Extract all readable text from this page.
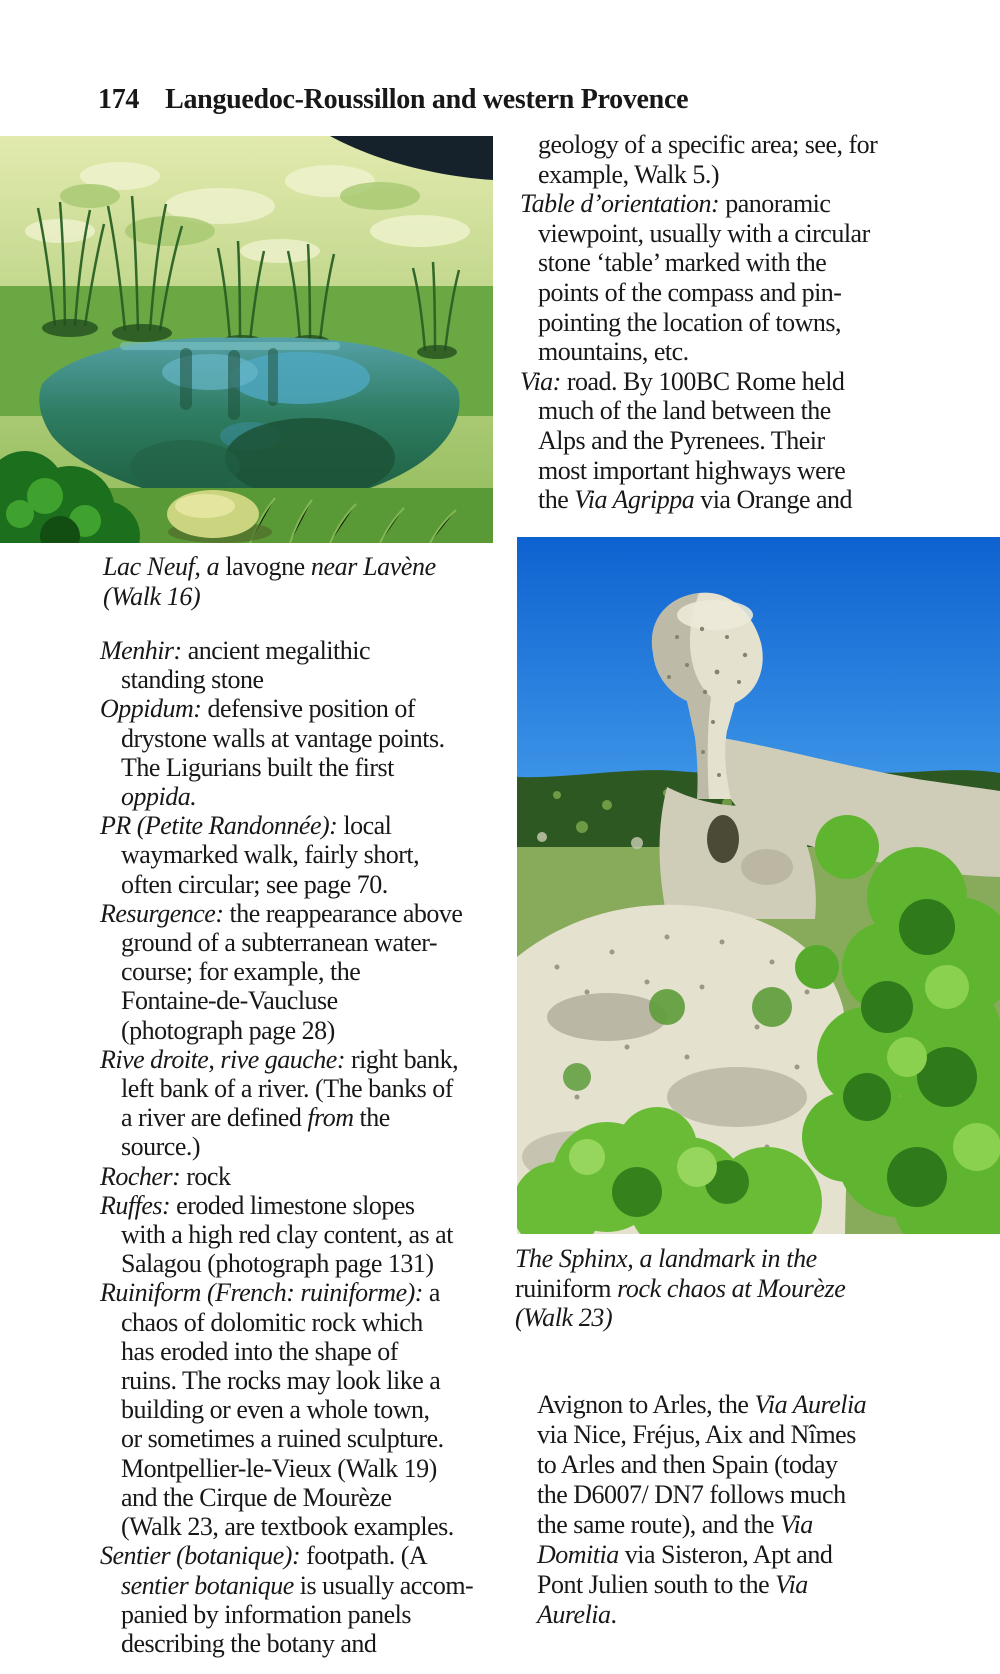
174 Languedoc-Roussillon and western Provence
Lac Neuf, a lavogne near Lavène
(Walk 16)
Menhir: ancient megalithic
standing stone
Oppidum: defensive position of
drystone walls at vantage points.
The Ligurians built the first
oppida.
PR (Petite Randonnée): local
waymarked walk, fairly short,
often circular; see page 70.
Resurgence: the reappearance above
ground of a subterranean water-
course; for example, the
Fontaine-de-Vaucluse
(photograph page 28)
Rive droite, rive gauche: right bank,
left bank of a river. (The banks of
a river are defined from the
source.)
Rocher: rock
Ruffes: eroded limestone slopes
with a high red clay content, as at
Salagou (photograph page 131)
Ruiniform (French: ruiniforme): a
chaos of dolomitic rock which
has eroded into the shape of
ruins. The rocks may look like a
building or even a whole town,
or sometimes a ruined sculpture.
Montpellier-le-Vieux (Walk 19)
and the Cirque de Mourèze
(Walk 23, are textbook examples.
Sentier (botanique): footpath. (A
sentier botanique is usually accom-
panied by information panels
describing the botany and
geology of a specific area; see, for
example, Walk 5.)
Table d’orientation: panoramic
viewpoint, usually with a circular
stone ‘table’ marked with the
points of the compass and pin-
pointing the location of towns,
mountains, etc.
Via: road. By 100BC Rome held
much of the land between the
Alps and the Pyrenees. Their
most important highways were
the Via Agrippa via Orange and
The Sphinx, a landmark in the
ruiniform rock chaos at Mourèze
(Walk 23)
Avignon to Arles, the Via Aurelia
via Nice, Fréjus, Aix and Nîmes
to Arles and then Spain (today
the D6007/ DN7 follows much
the same route), and the Via
Domitia via Sisteron, Apt and
Pont Julien south to the Via
Aurelia.
